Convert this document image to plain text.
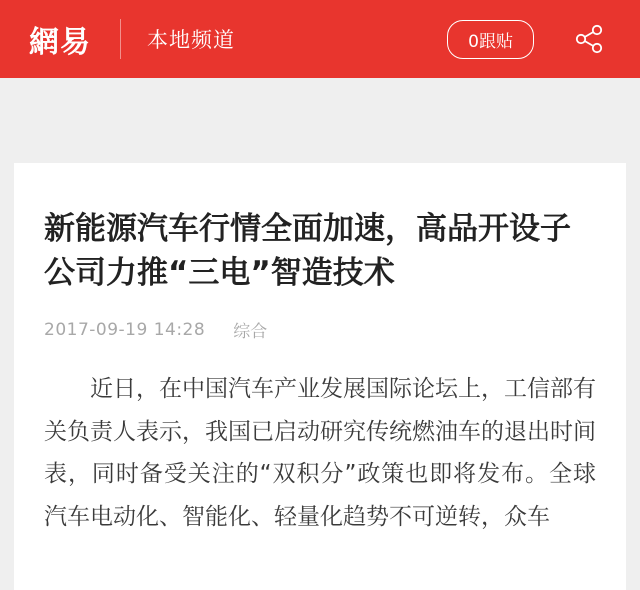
網易	本地频道	0跟贴
新能源汽车行情全面加速，高品开设子公司力推“三电”智造技术
2017-09-19 14:28 综合

近日，在中国汽车产业发展国际论坛上，工信部有关负责人表示，我国已启动研究传统燃油车的退出时间表，同时备受关注的“双积分”政策也即将发布。全球汽车电动化、智能化、轻量化趋势不可逆转，众车
